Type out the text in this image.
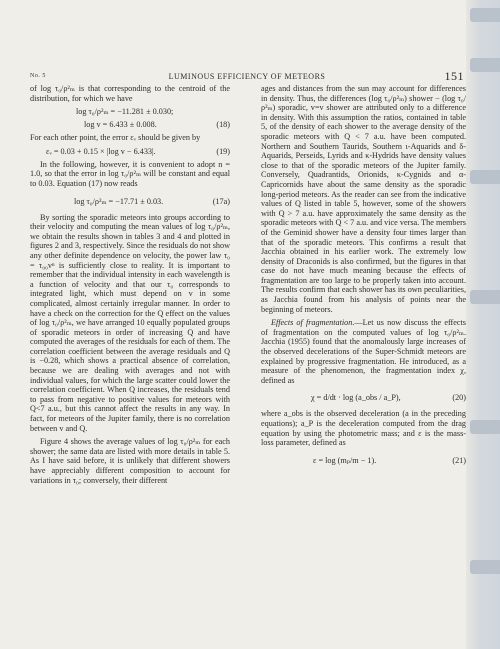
No. 5	LUMINOUS EFFICIENCY OF METEORS	151

of log τ₀/ρ²ₘ is that corresponding to the centroid of the distribution, for which we have

log τ₀/ρ²ₘ = −11.281 ± 0.030;
log v = 6.433 ± 0.008.	(18)

For each other point, the error εᵥ should be given by

εᵥ = 0.03 + 0.15 × |log v − 6.433|.	(19)

In the following, however, it is convenient to adopt n = 1.0, so that the error in log τ₀/ρ²ₘ will be constant and equal to 0.03. Equation (17) now reads

log τ₀/ρ²ₘ = −17.71 ± 0.03.	(17a)

By sorting the sporadic meteors into groups according to their velocity and computing the mean values of log τ₀/ρ²ₘ, we obtain the results shown in tables 3 and 4 and plotted in figures 2 and 3, respectively. Since the residuals do not show any other definite dependence on velocity, the power law τ₀ = τ₀₀vⁿ is sufficiently close to reality. It is important to remember that the individual intensity in each wavelength is a function of velocity and that our τ₀ corresponds to integrated light, which must depend on v in some complicated, almost certainly irregular manner. In order to have a check on the correction for the Q effect on the values of log τ₀/ρ²ₘ, we have arranged 10 equally populated groups of sporadic meteors in order of increasing Q and have computed the averages of the residuals for each of them. The correlation coefficient between the average residuals and Q is −0.28, which shows a practical absence of correlation, because we are dealing with averages and not with individual values, for which the large scatter could lower the correlation coefficient. When Q increases, the residuals tend to pass from negative to positive values for meteors with Q<7 a.u., but this cannot affect the results in any way. In fact, for meteors of the Jupiter family, there is no correlation between v and Q.

Figure 4 shows the average values of log τ₀/ρ²ₘ for each shower; the same data are listed with more details in table 5. As I have said before, it is unlikely that different showers have appreciably different composition to account for variations in τ₀; conversely, their different

ages and distances from the sun may account for differences in density. Thus, the differences (log τ₀/ρ²ₘ) shower − (log τ₀/ρ²ₘ) sporadic, v=v shower are attributed only to a difference in density. With this assumption the ratios, contained in table 5, of the density of each shower to the average density of the sporadic meteors with Q < 7 a.u. have been computed. Northern and Southern Taurids, Southern ι-Aquarids and δ-Aquarids, Perseids, Lyrids and κ-Hydrids have density values close to that of the sporadic meteors of the Jupiter family. Conversely, Quadrantids, Orionids, κ-Cygnids and α-Capricornids have about the same density as the sporadic long-period meteors. As the reader can see from the indicative values of Q listed in table 5, however, some of the showers with Q > 7 a.u. have approximately the same density as the sporadic meteors with Q < 7 a.u. and vice versa. The members of the Geminid shower have a density four times larger than that of the sporadic meteors. This confirms a result that Jacchia obtained in his earlier work. The extremely low density of Draconids is also confirmed, but the figures in that case do not have much meaning because the effects of fragmentation are too large to be properly taken into account. The results confirm that each shower has its own peculiarities, as Jacchia found from his analysis of points near the beginning of meteors.

Effects of fragmentation.—Let us now discuss the effects of fragmentation on the computed values of log τ₀/ρ²ₘ. Jacchia (1955) found that the anomalously large increases of the observed decelerations of the Super-Schmidt meteors are explained by progressive fragmentation. He introduced, as a measure of the phenomenon, the fragmentation index χ, defined as

χ = d/dt · log (a_obs / a_P),	(20)

where a_obs is the observed deceleration (a in the preceding equations); a_P is the deceleration computed from the drag equation by using the photometric mass; and ε is the mass-loss parameter, defined as

ε = log (mₚ/m − 1).	(21)
